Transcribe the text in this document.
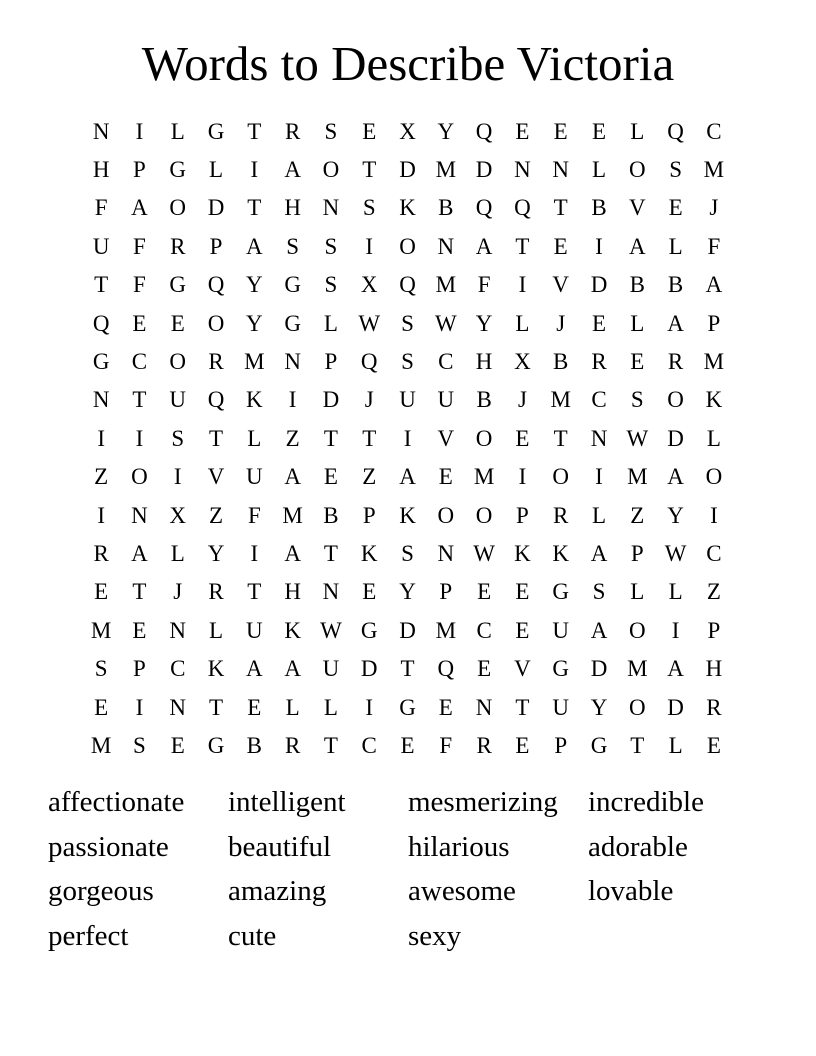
Words to Describe Victoria
N	I	L G T	R	S	E X Y Q E	E	E	L Q C
H	P	G L	I	A O T D M D N N L O	S M
F	A O D T H N	S	K B Q Q T	B V E	J
U	F	R	P	A	S	S	I	O N A T	E	I	A L	F
T	F	G Q Y G	S	X Q M F	I	V D B B A
Q E	E O Y G L W S W Y L	J	E	L A	P
G C O R M N	P	Q	S	C H X B R	E	R M
N T U Q K	I	D	J	U U B	J	M C	S	O K
I	I	S	T	L	Z	T	T	I	V O E	T N W D L
Z O	I	V U A E	Z A E M	I	O	I	M A O
I	N X Z	F M B	P	K O O	P	R	L	Z Y	I
R A L Y	I	A T K	S	N W K K A	P W C
E	T	J	R	T H N E Y	P	E	E G	S	L	L	Z
M E N L U K W G D M C	E U A O	I	P
S	P	C K A A U D T Q E V G D M A H
E	I	N T	E	L	L	I	G E N T U Y O D R
M S	E G B R	T	C	E	F	R	E	P	G T	L	E
affectionate	intelligent	mesmerizing	incredible
passionate	beautiful	hilarious	adorable
gorgeous	amazing	awesome	lovable
perfect	cute	sexy
